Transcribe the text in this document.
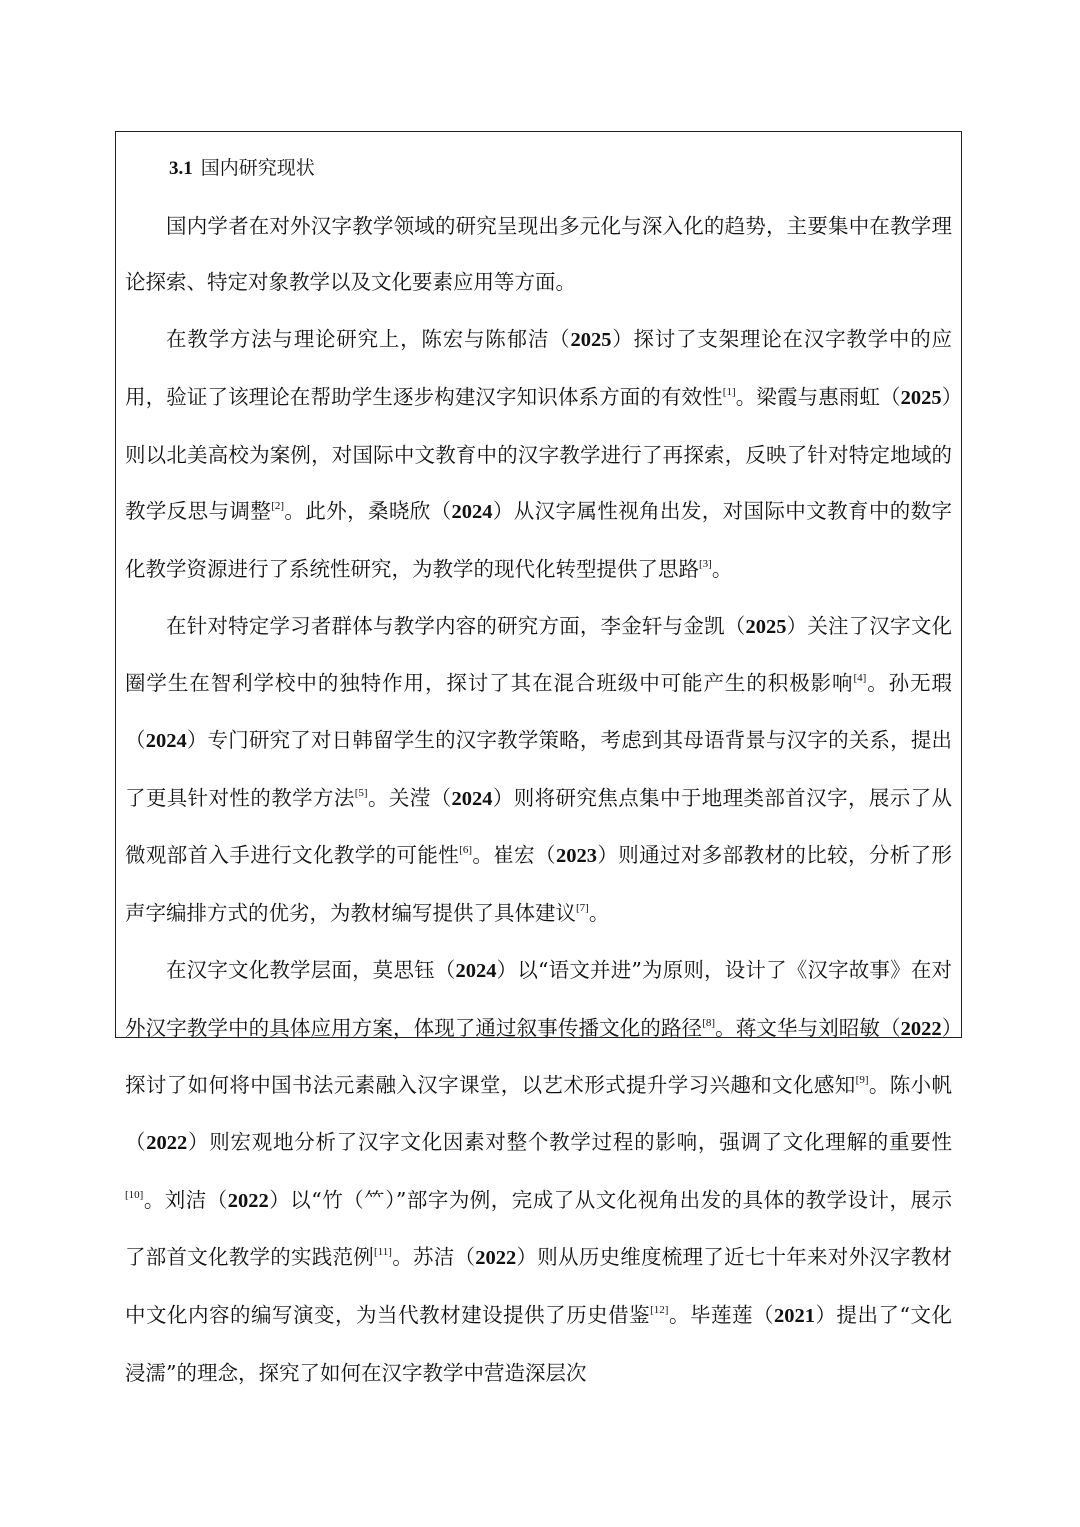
3.1 国内研究现状

国内学者在对外汉字教学领域的研究呈现出多元化与深入化的趋势，主要集中在教学理论探索、特定对象教学以及文化要素应用等方面。

在教学方法与理论研究上，陈宏与陈郁洁（2025）探讨了支架理论在汉字教学中的应用，验证了该理论在帮助学生逐步构建汉字知识体系方面的有效性[1]。梁霞与惠雨虹（2025）则以北美高校为案例，对国际中文教育中的汉字教学进行了再探索，反映了针对特定地域的教学反思与调整[2]。此外，桑晓欣（2024）从汉字属性视角出发，对国际中文教育中的数字化教学资源进行了系统性研究，为教学的现代化转型提供了思路[3]。

在针对特定学习者群体与教学内容的研究方面，李金轩与金凯（2025）关注了汉字文化圈学生在智利学校中的独特作用，探讨了其在混合班级中可能产生的积极影响[4]。孙无瑕（2024）专门研究了对日韩留学生的汉字教学策略，考虑到其母语背景与汉字的关系，提出了更具针对性的教学方法[5]。关滢（2024）则将研究焦点集中于地理类部首汉字，展示了从微观部首入手进行文化教学的可能性[6]。崔宏（2023）则通过对多部教材的比较，分析了形声字编排方式的优劣，为教材编写提供了具体建议[7]。

在汉字文化教学层面，莫思钰（2024）以“语文并进”为原则，设计了《汉字故事》在对外汉字教学中的具体应用方案，体现了通过叙事传播文化的路径[8]。蒋文华与刘昭敏（2022）探讨了如何将中国书法元素融入汉字课堂，以艺术形式提升学习兴趣和文化感知[9]。陈小帆（2022）则宏观地分析了汉字文化因素对整个教学过程的影响，强调了文化理解的重要性[10]。刘洁（2022）以“竹（⺮）”部字为例，完成了从文化视角出发的具体的教学设计，展示了部首文化教学的实践范例[11]。苏洁（2022）则从历史维度梳理了近七十年来对外汉字教材中文化内容的编写演变，为当代教材建设提供了历史借鉴[12]。毕莲莲（2021）提出了“文化浸濡”的理念，探究了如何在汉字教学中营造深层次
